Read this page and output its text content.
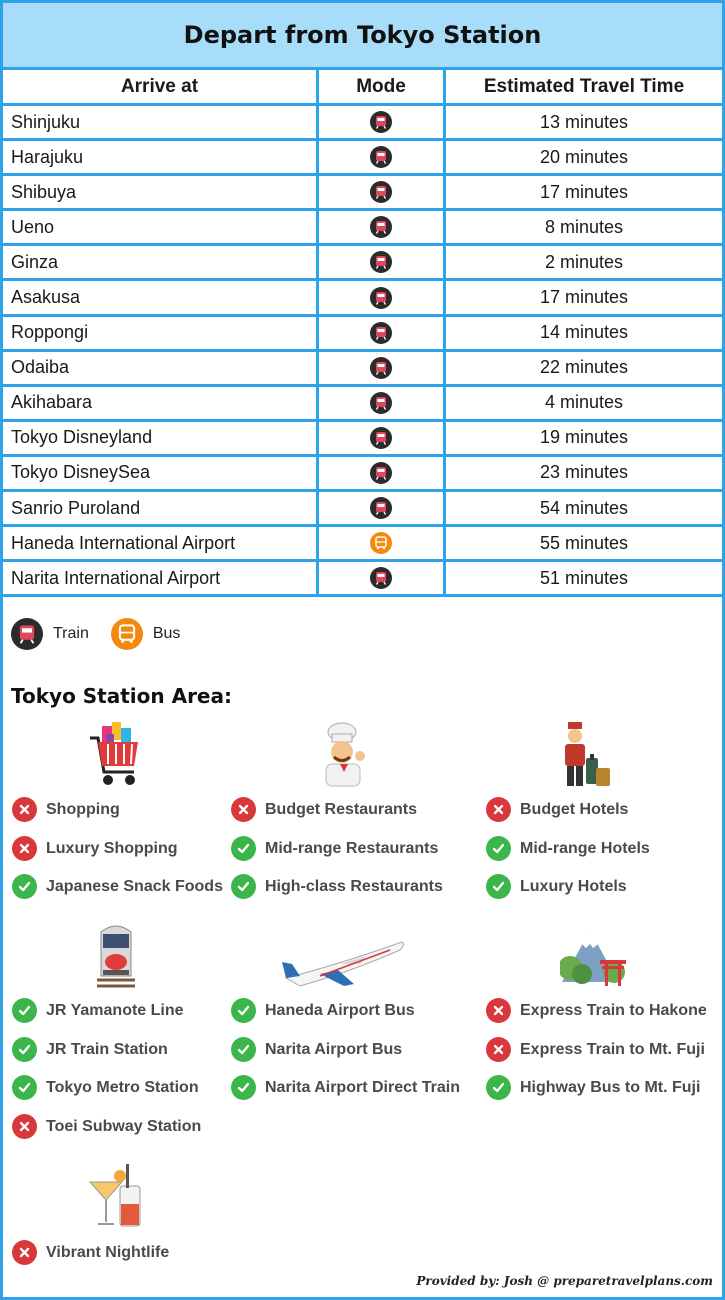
Depart from Tokyo Station
Arrive at	Mode	Estimated Travel Time
Shinjuku	13 minutes
Harajuku	20 minutes
Shibuya	17 minutes
Ueno	8 minutes
Ginza	2 minutes
Asakusa	17 minutes
Roppongi	14 minutes
Odaiba	22 minutes
Akihabara	4 minutes
Tokyo Disneyland	19 minutes
Tokyo DisneySea	23 minutes
Sanrio Puroland	54 minutes
Haneda International Airport	55 minutes
Narita International Airport	51 minutes
Train	Bus
Tokyo Station Area:
Shopping
Luxury Shopping
Japanese Snack Foods
Budget Restaurants
Mid-range Restaurants
High-class Restaurants
Budget Hotels
Mid-range Hotels
Luxury Hotels
JR Yamanote Line
JR Train Station
Tokyo Metro Station
Toei Subway Station
Haneda Airport Bus
Narita Airport Bus
Narita Airport Direct Train
Express Train to Hakone
Express Train to Mt. Fuji
Highway Bus to Mt. Fuji
Vibrant Nightlife
Provided by: Josh @ preparetravelplans.com
